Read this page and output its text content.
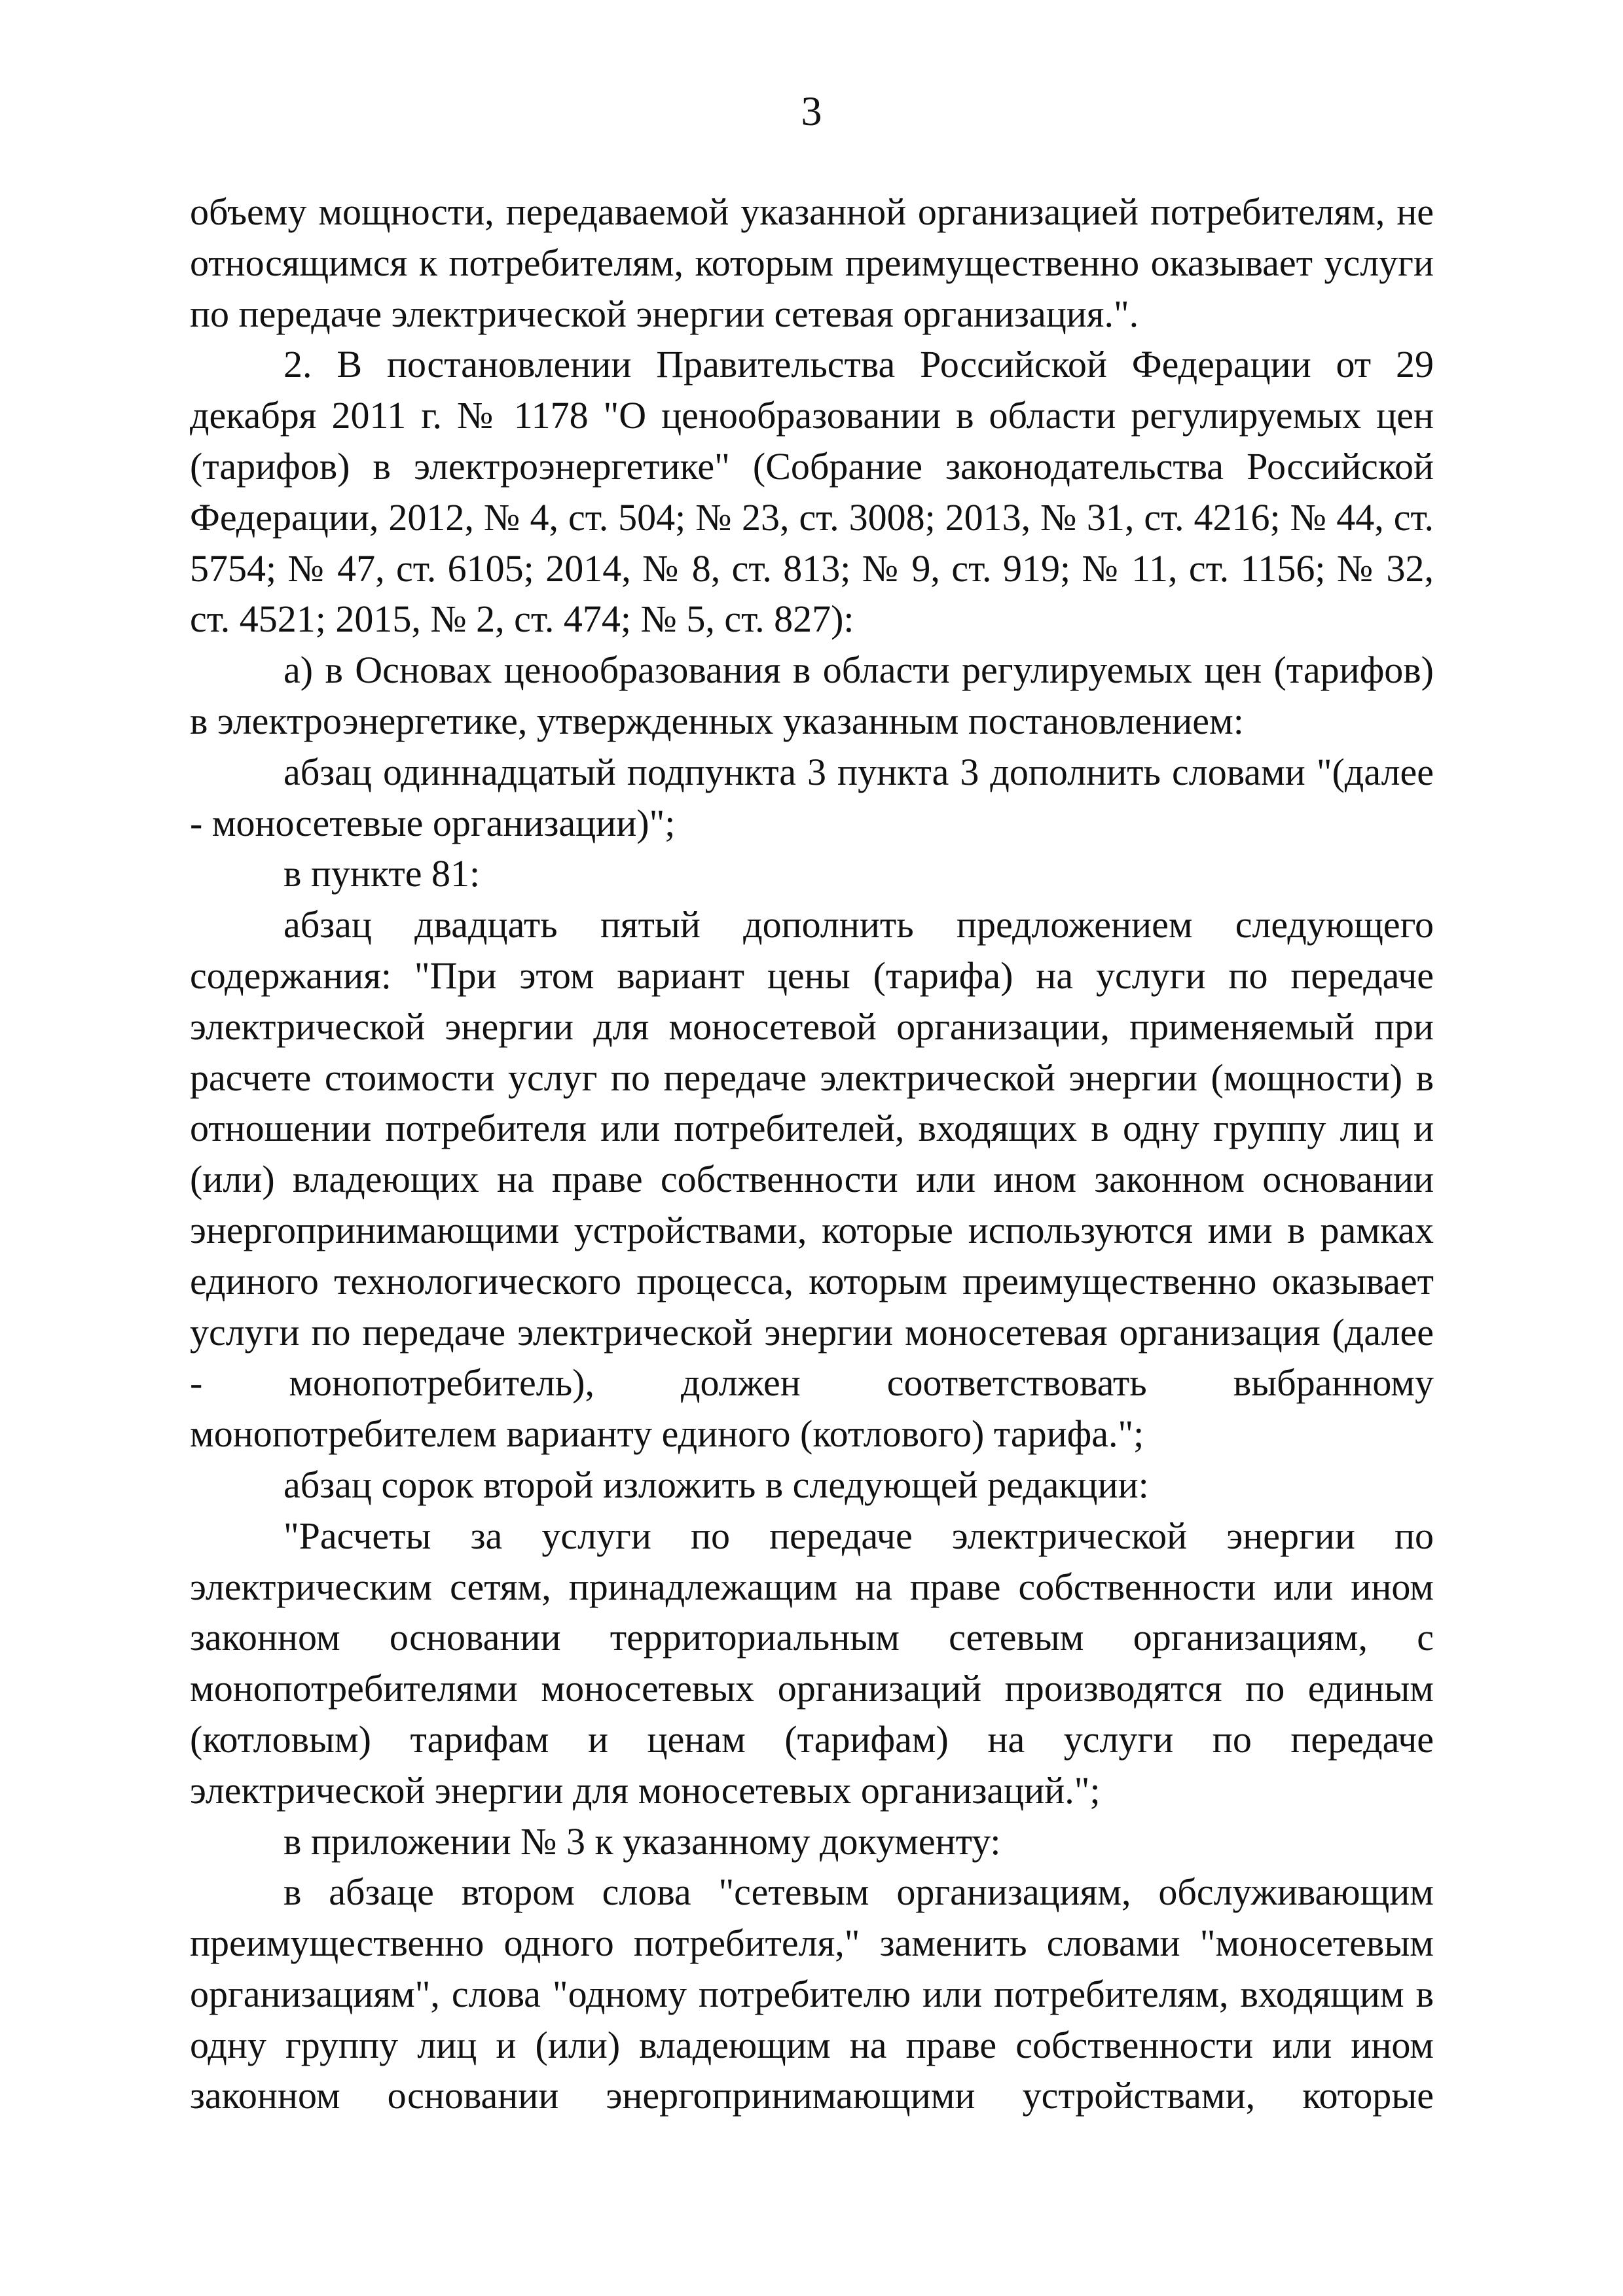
3

объему мощности, передаваемой указанной организацией потребителям, не относящимся к потребителям, которым преимущественно оказывает услуги по передаче электрической энергии сетевая организация.".

2. В постановлении Правительства Российской Федерации от 29 декабря 2011 г. № 1178 "О ценообразовании в области регулируемых цен (тарифов) в электроэнергетике" (Собрание законодательства Российской Федерации, 2012, № 4, ст. 504; № 23, ст. 3008; 2013, № 31, ст. 4216; № 44, ст. 5754; № 47, ст. 6105; 2014, № 8, ст. 813; № 9, ст. 919; № 11, ст. 1156; № 32, ст. 4521; 2015, № 2, ст. 474; № 5, ст. 827):

а) в Основах ценообразования в области регулируемых цен (тарифов) в электроэнергетике, утвержденных указанным постановлением:

абзац одиннадцатый подпункта 3 пункта 3 дополнить словами "(далее - моносетевые организации)";

в пункте 81:

абзац двадцать пятый дополнить предложением следующего содержания: "При этом вариант цены (тарифа) на услуги по передаче электрической энергии для моносетевой организации, применяемый при расчете стоимости услуг по передаче электрической энергии (мощности) в отношении потребителя или потребителей, входящих в одну группу лиц и (или) владеющих на праве собственности или ином законном основании энергопринимающими устройствами, которые используются ими в рамках единого технологического процесса, которым преимущественно оказывает услуги по передаче электрической энергии моносетевая организация (далее - монопотребитель), должен соответствовать выбранному монопотребителем варианту единого (котлового) тарифа.";

абзац сорок второй изложить в следующей редакции:

"Расчеты за услуги по передаче электрической энергии по электрическим сетям, принадлежащим на праве собственности или ином законном основании территориальным сетевым организациям, с монопотребителями моносетевых организаций производятся по единым (котловым) тарифам и ценам (тарифам) на услуги по передаче электрической энергии для моносетевых организаций.";

в приложении № 3 к указанному документу:

в абзаце втором слова "сетевым организациям, обслуживающим преимущественно одного потребителя," заменить словами "моносетевым организациям", слова "одному потребителю или потребителям, входящим в одну группу лиц и (или) владеющим на праве собственности или ином законном основании энергопринимающими устройствами, которые
